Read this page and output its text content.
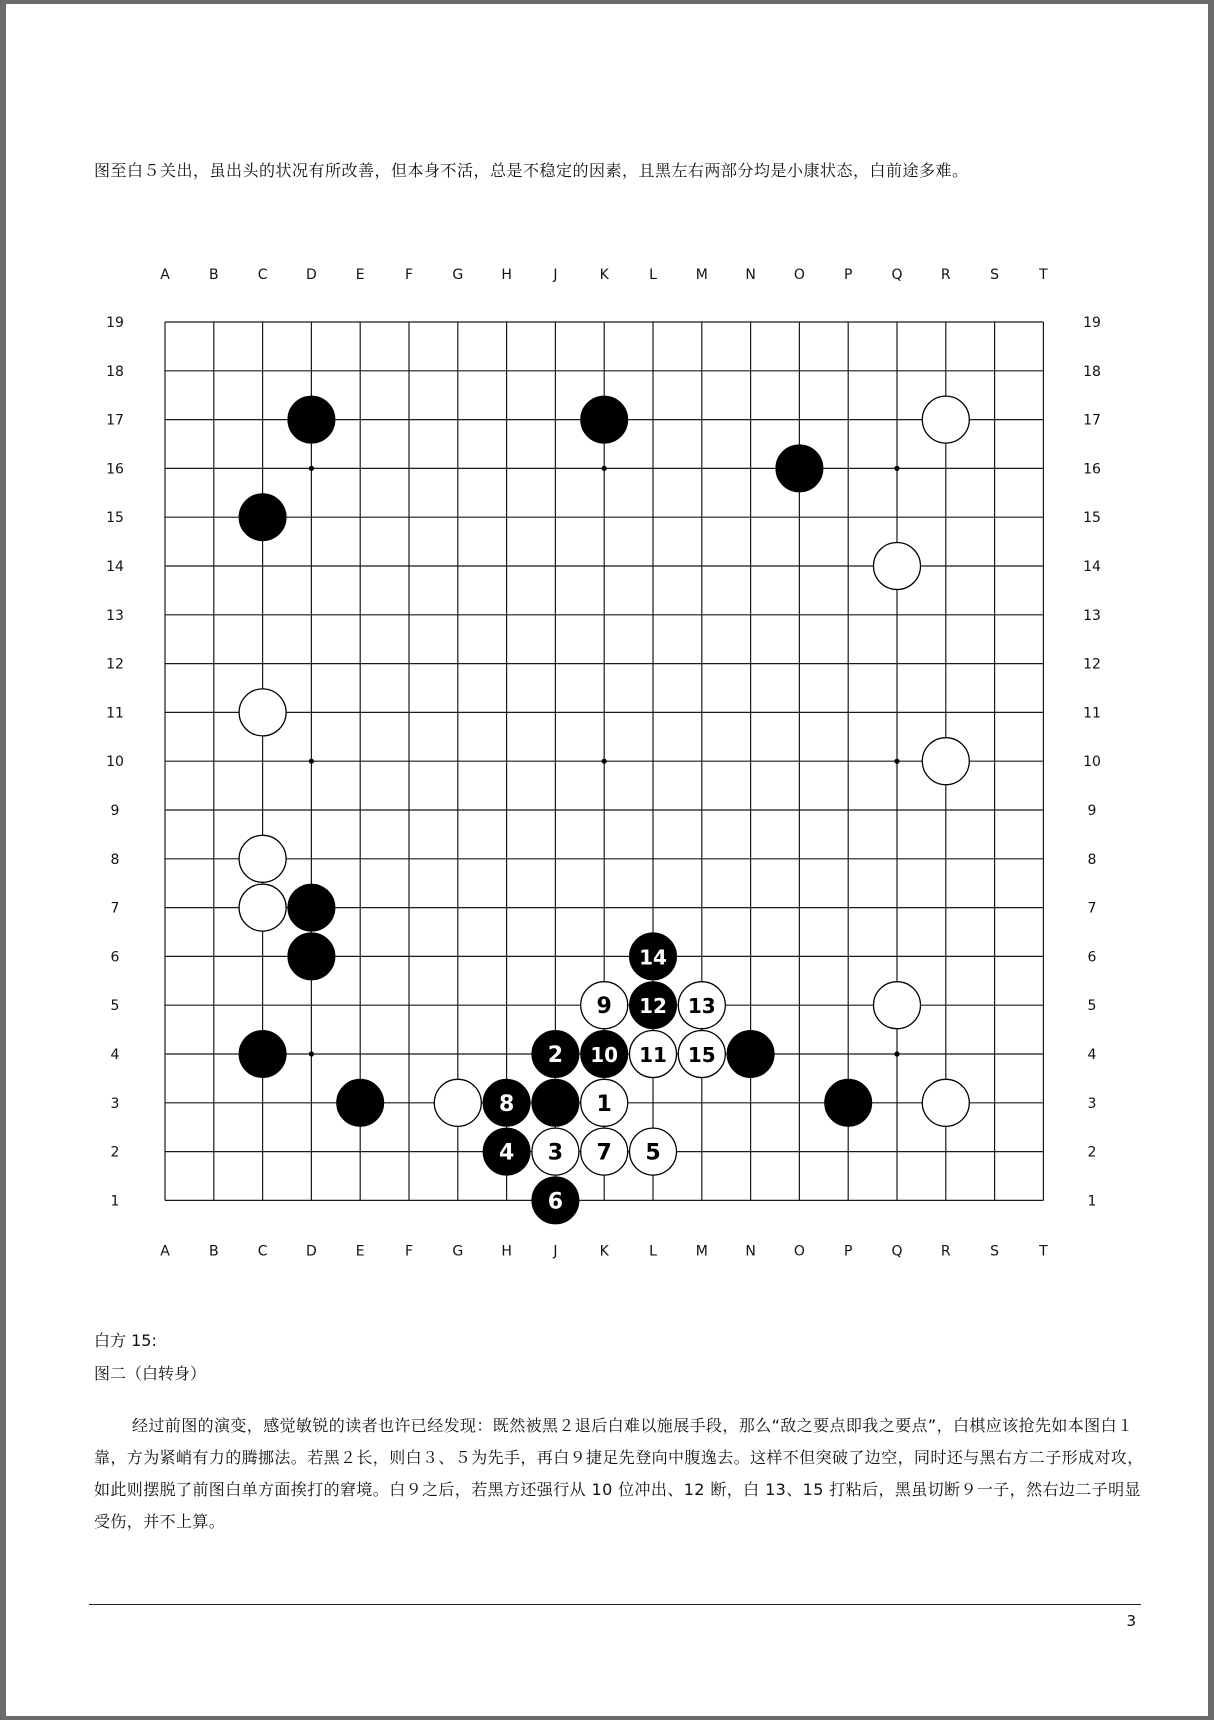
图至白５关出，虽出头的状况有所改善，但本身不活，总是不稳定的因素，且黑左右两部分均是小康状态，白前途多难。
A
A
B
B
C
C
D
D
E
E
F
F
G
G
H
H
J
J
K
K
L
L
M
M
N
N
O
O
P
P
Q
Q
R
R
S
S
T
T
19	19
18	18
17	17
16	16
15	15
14	14
13	13
12	12
11	11
10	10
9	9
8	8
7	7
6	6
5	5
4	4
3	3
2	2
1	1
14
9 12 13
2 10 11 15
8	1
4 3 7 5
6
白方 15:
图二（白转身）
经过前图的演变，感觉敏锐的读者也许已经发现：既然被黑２退后白难以施展手段，那么“敌之要点即我之要点”，白棋应该抢先如本图白１靠，方为紧峭有力的腾挪法。若黑２长，则白３、５为先手，再白９捷足先登向中腹逸去。这样不但突破了边空，同时还与黑右方二子形成对攻，如此则摆脱了前图白单方面挨打的窘境。白９之后，若黑方还强行从 10 位冲出、12 断，白 13、15 打粘后，黑虽切断９一子，然右边二子明显受伤，并不上算。
3
